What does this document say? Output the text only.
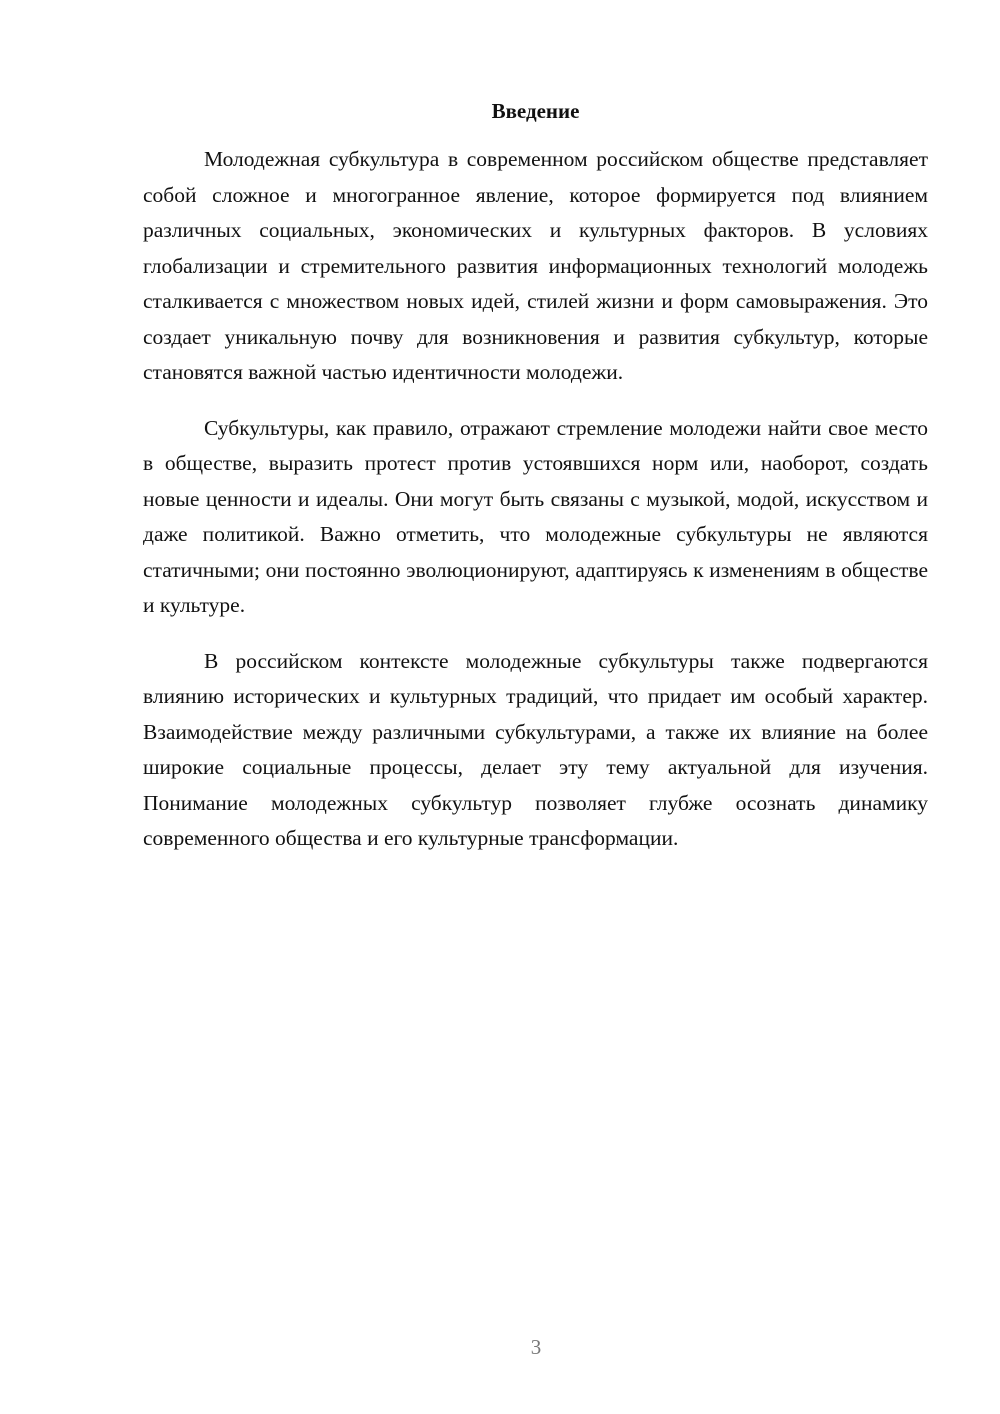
Введение

Молодежная субкультура в современном российском обществе представляет собой сложное и многогранное явление, которое формируется под влиянием различных социальных, экономических и культурных факторов. В условиях глобализации и стремительного развития информационных технологий молодежь сталкивается с множеством новых идей, стилей жизни и форм самовыражения. Это создает уникальную почву для возникновения и развития субкультур, которые становятся важной частью идентичности молодежи.

Субкультуры, как правило, отражают стремление молодежи найти свое место в обществе, выразить протест против устоявшихся норм или, наоборот, создать новые ценности и идеалы. Они могут быть связаны с музыкой, модой, искусством и даже политикой. Важно отметить, что молодежные субкультуры не являются статичными; они постоянно эволюционируют, адаптируясь к изменениям в обществе и культуре.

В российском контексте молодежные субкультуры также подвергаются влиянию исторических и культурных традиций, что придает им особый характер. Взаимодействие между различными субкультурами, а также их влияние на более широкие социальные процессы, делает эту тему актуальной для изучения. Понимание молодежных субкультур позволяет глубже осознать динамику современного общества и его культурные трансформации.

3
